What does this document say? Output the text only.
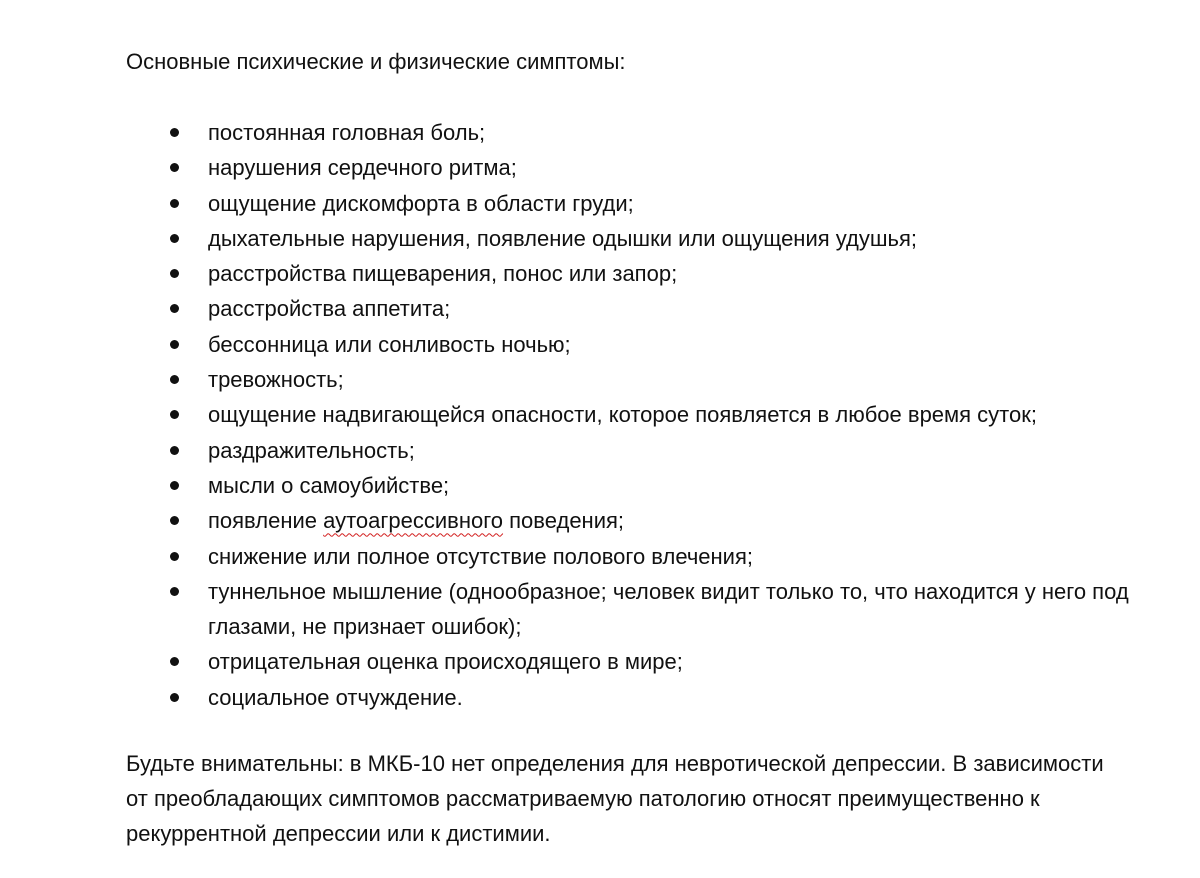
Основные психические и физические симптомы:
постоянная головная боль;
нарушения сердечного ритма;
ощущение дискомфорта в области груди;
дыхательные нарушения, появление одышки или ощущения удушья;
расстройства пищеварения, понос или запор;
расстройства аппетита;
бессонница или сонливость ночью;
тревожность;
ощущение надвигающейся опасности, которое появляется в любое время суток;
раздражительность;
мысли о самоубийстве;
появление аутоагрессивного поведения;
снижение или полное отсутствие полового влечения;
туннельное мышление (однообразное; человек видит только то, что находится у него под глазами, не признает ошибок);
отрицательная оценка происходящего в мире;
социальное отчуждение.

Будьте внимательны: в МКБ-10 нет определения для невротической депрессии. В зависимости от преобладающих симптомов рассматриваемую патологию относят преимущественно к рекуррентной депрессии или к дистимии.
